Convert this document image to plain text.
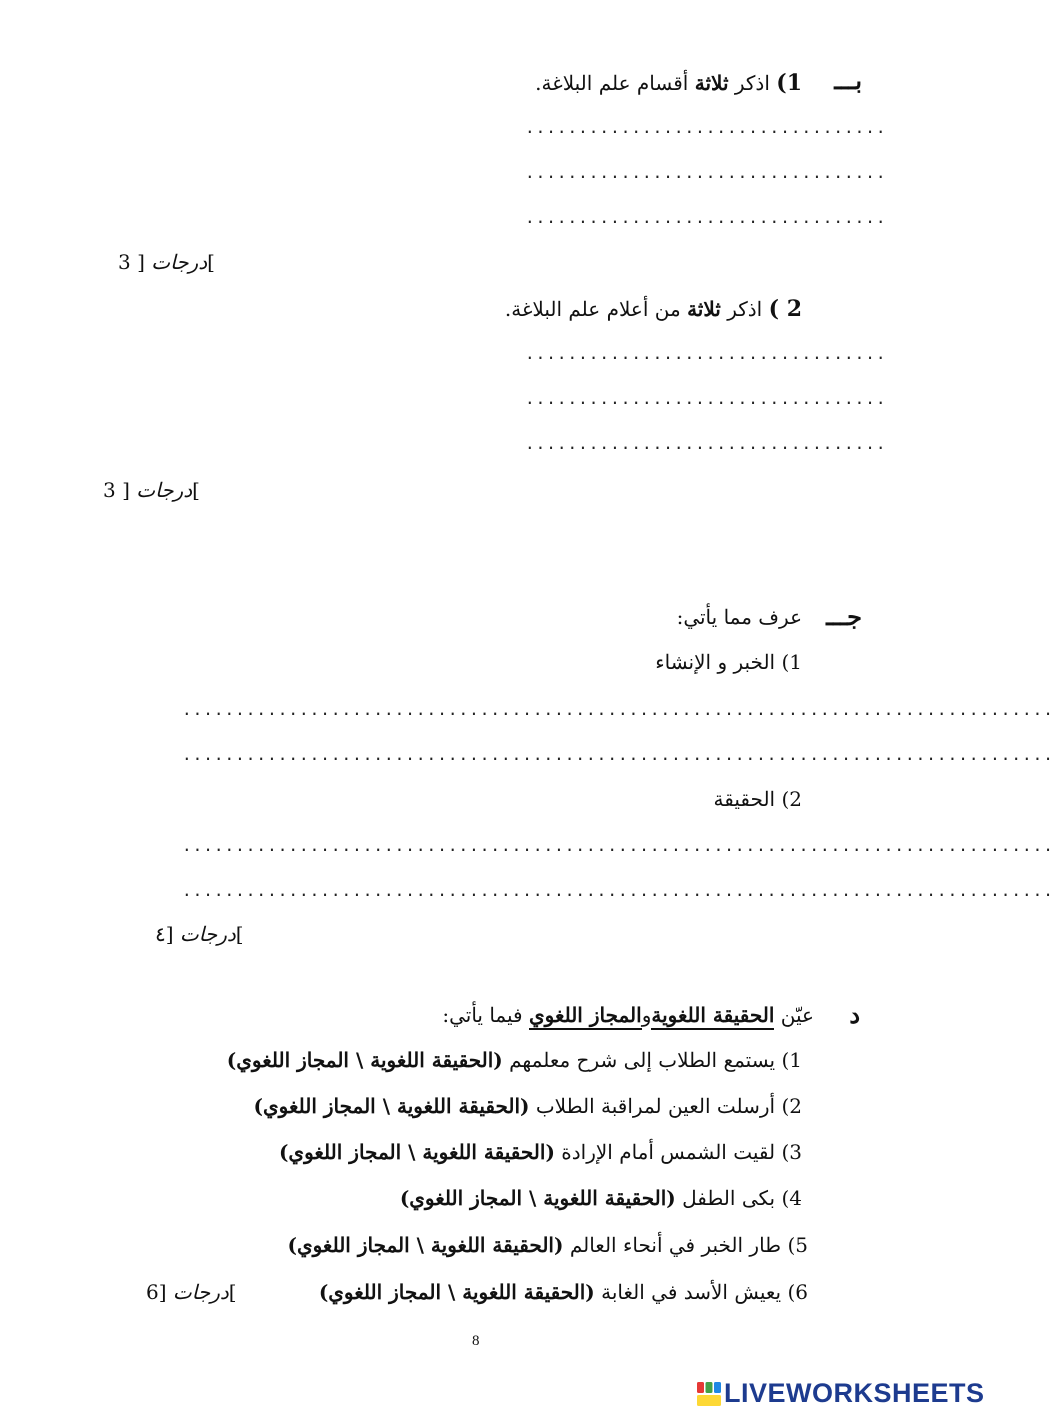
بـــ
1) اذكر ثلاثة أقسام علم البلاغة.
..................................
..................................
..................................
]درجات [ 3
2 ) اذكر ثلاثة من أعلام علم البلاغة.
..................................
..................................
..................................
]درجات [ 3
جـــ
عرف مما يأتي:
1) الخبر و الإنشاء
..................................................................................
..................................................................................
2) الحقيقة
..................................................................................
..................................................................................
]درجات [٤
د
عيّن الحقيقة اللغويةوالمجاز اللغوي فيما يأتي:
1) يستمع الطلاب إلى شرح معلمهم (الحقيقة اللغوية \ المجاز اللغوي)
2) أرسلت العين لمراقبة الطلاب (الحقيقة اللغوية \ المجاز اللغوي)
3) لقيت الشمس أمام الإرادة (الحقيقة اللغوية \ المجاز اللغوي)
4) بكى الطفل (الحقيقة اللغوية \ المجاز اللغوي)
5) طار الخبر في أنحاء العالم (الحقيقة اللغوية \ المجاز اللغوي)
6) يعيش الأسد في الغابة (الحقيقة اللغوية \ المجاز اللغوي)
]درجات [6
8
LIVEWORKSHEETS
